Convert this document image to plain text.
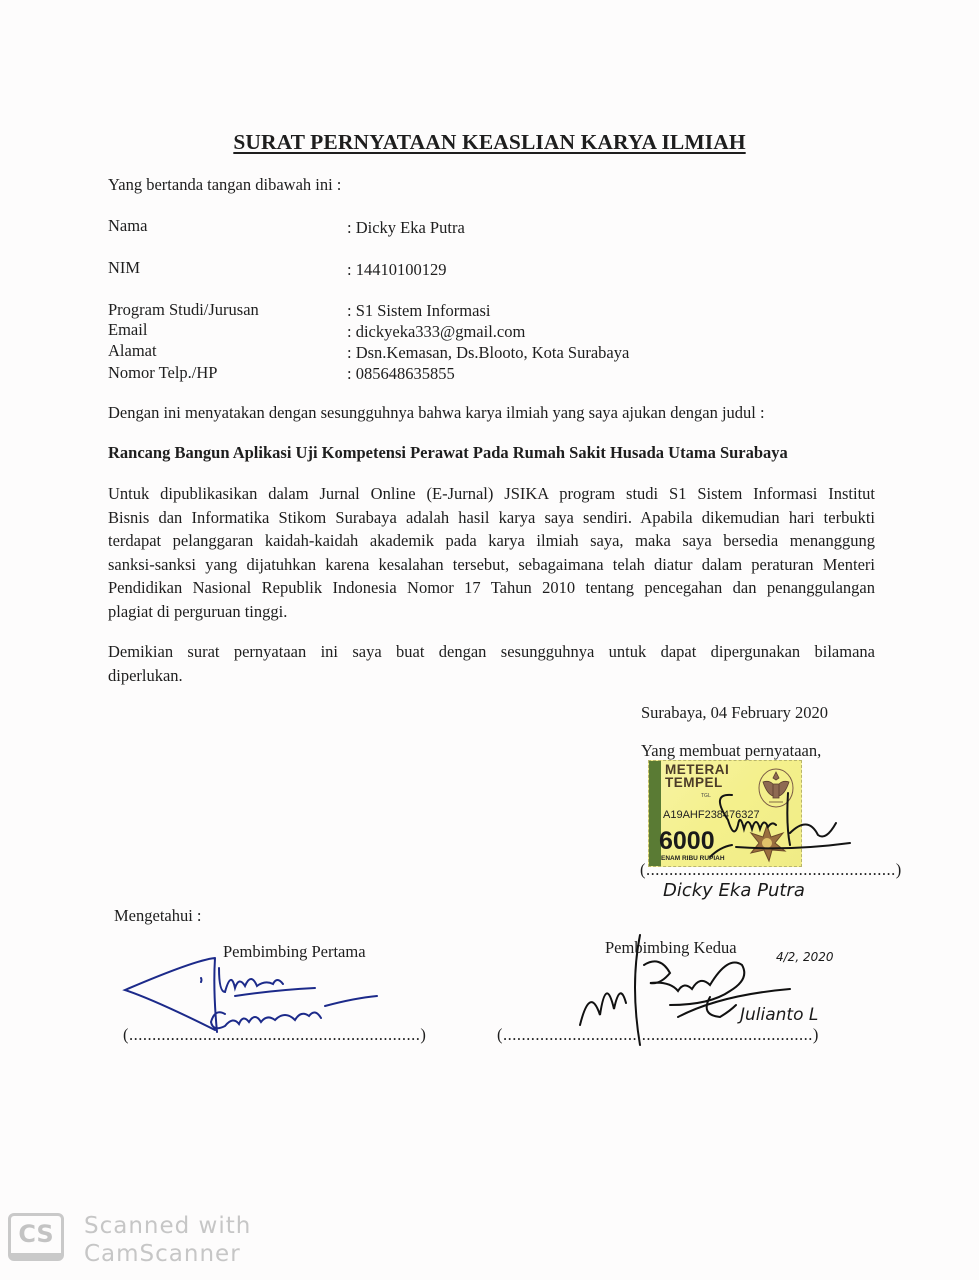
SURAT PERNYATAAN KEASLIAN KARYA ILMIAH
Yang bertanda tangan dibawah ini :
Nama	: Dicky Eka Putra
NIM	: 14410100129
Program Studi/Jurusan	: S1 Sistem Informasi
Email	: dickyeka333@gmail.com
Alamat	: Dsn.Kemasan, Ds.Blooto, Kota Surabaya
Nomor Telp./HP	: 085648635855
Dengan ini menyatakan dengan sesungguhnya bahwa karya ilmiah yang saya ajukan dengan judul :
Rancang Bangun Aplikasi Uji Kompetensi Perawat Pada Rumah Sakit Husada Utama Surabaya
Untuk dipublikasikan dalam Jurnal Online (E-Jurnal) JSIKA program studi S1 Sistem Informasi Institut
Bisnis dan Informatika Stikom Surabaya adalah hasil karya saya sendiri. Apabila dikemudian hari terbukti
terdapat pelanggaran kaidah-kaidah akademik pada karya ilmiah saya, maka saya bersedia menanggung
sanksi-sanksi yang dijatuhkan karena kesalahan tersebut, sebagaimana telah diatur dalam peraturan Menteri
Pendidikan Nasional Republik Indonesia Nomor 17 Tahun 2010 tentang pencegahan dan penanggulangan
plagiat di perguruan tinggi.
Demikian surat pernyataan ini saya buat dengan sesungguhnya untuk dapat dipergunakan bilamana
diperlukan.
Surabaya, 04 February 2020
Yang membuat pernyataan,
METERAI
TEMPEL
TGL
A19AHF238476327
6000
ENAM RIBU RUPIAH
(......................................................)
Dicky Eka Putra
Mengetahui :
Pembimbing Pertama
(...............................................................)
Pembimbing Kedua	4/2, 2020
Julianto L
(...................................................................)
CS	Scanned with
CamScanner
